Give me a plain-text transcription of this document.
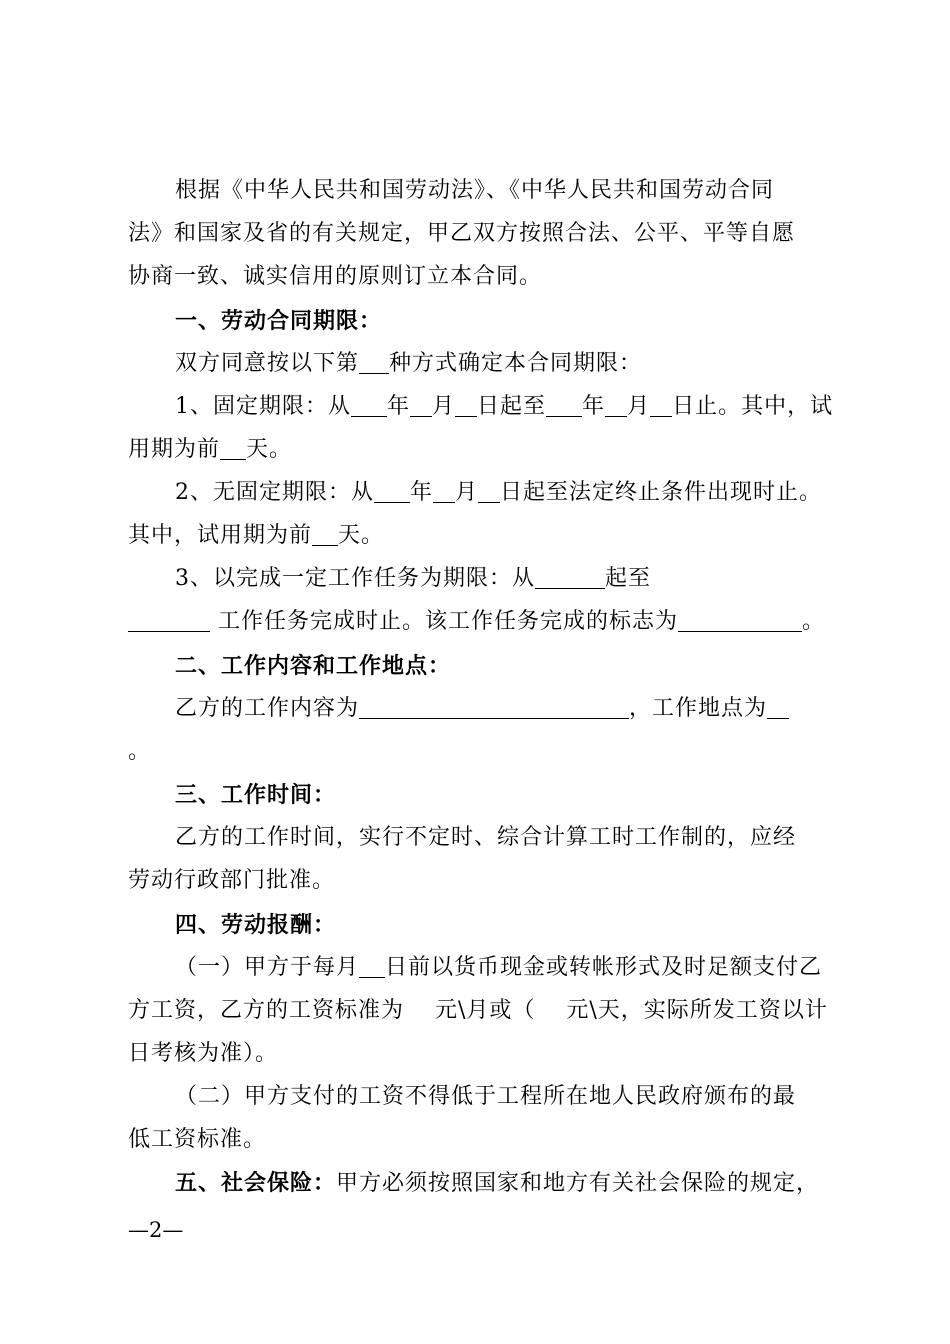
根据《中华人民共和国劳动法》、《中华人民共和国劳动合同
法》和国家及省的有关规定，甲乙双方按照合法、公平、平等自愿
协商一致、诚实信用的原则订立本合同。
一、劳动合同期限：
双方同意按以下第 种方式确定本合同期限：
1、固定期限：从 年 月 日起至 年 月 日止。其中，试
用期为前 天。
2、无固定期限：从 年 月 日起至法定终止条件出现时止。
其中，试用期为前 天。
3、以完成一定工作任务为期限：从	起至
工作任务完成时止。该工作任务完成的标志为	。
二、工作内容和工作地点：
乙方的工作内容为	，工作地点为
。
三、工作时间：
乙方的工作时间，实行不定时、综合计算工时工作制的，应经
劳动行政部门批准。
四、劳动报酬：
（一）甲方于每月 日前以货币现金或转帐形式及时足额支付乙
方工资，乙方的工资标准为　 元\月或（　 元\天，实际所发工资以计
日考核为准）。
（二）甲方支付的工资不得低于工程所在地人民政府颁布的最
低工资标准。
五、社会保险：甲方必须按照国家和地方有关社会保险的规定，
—2—
